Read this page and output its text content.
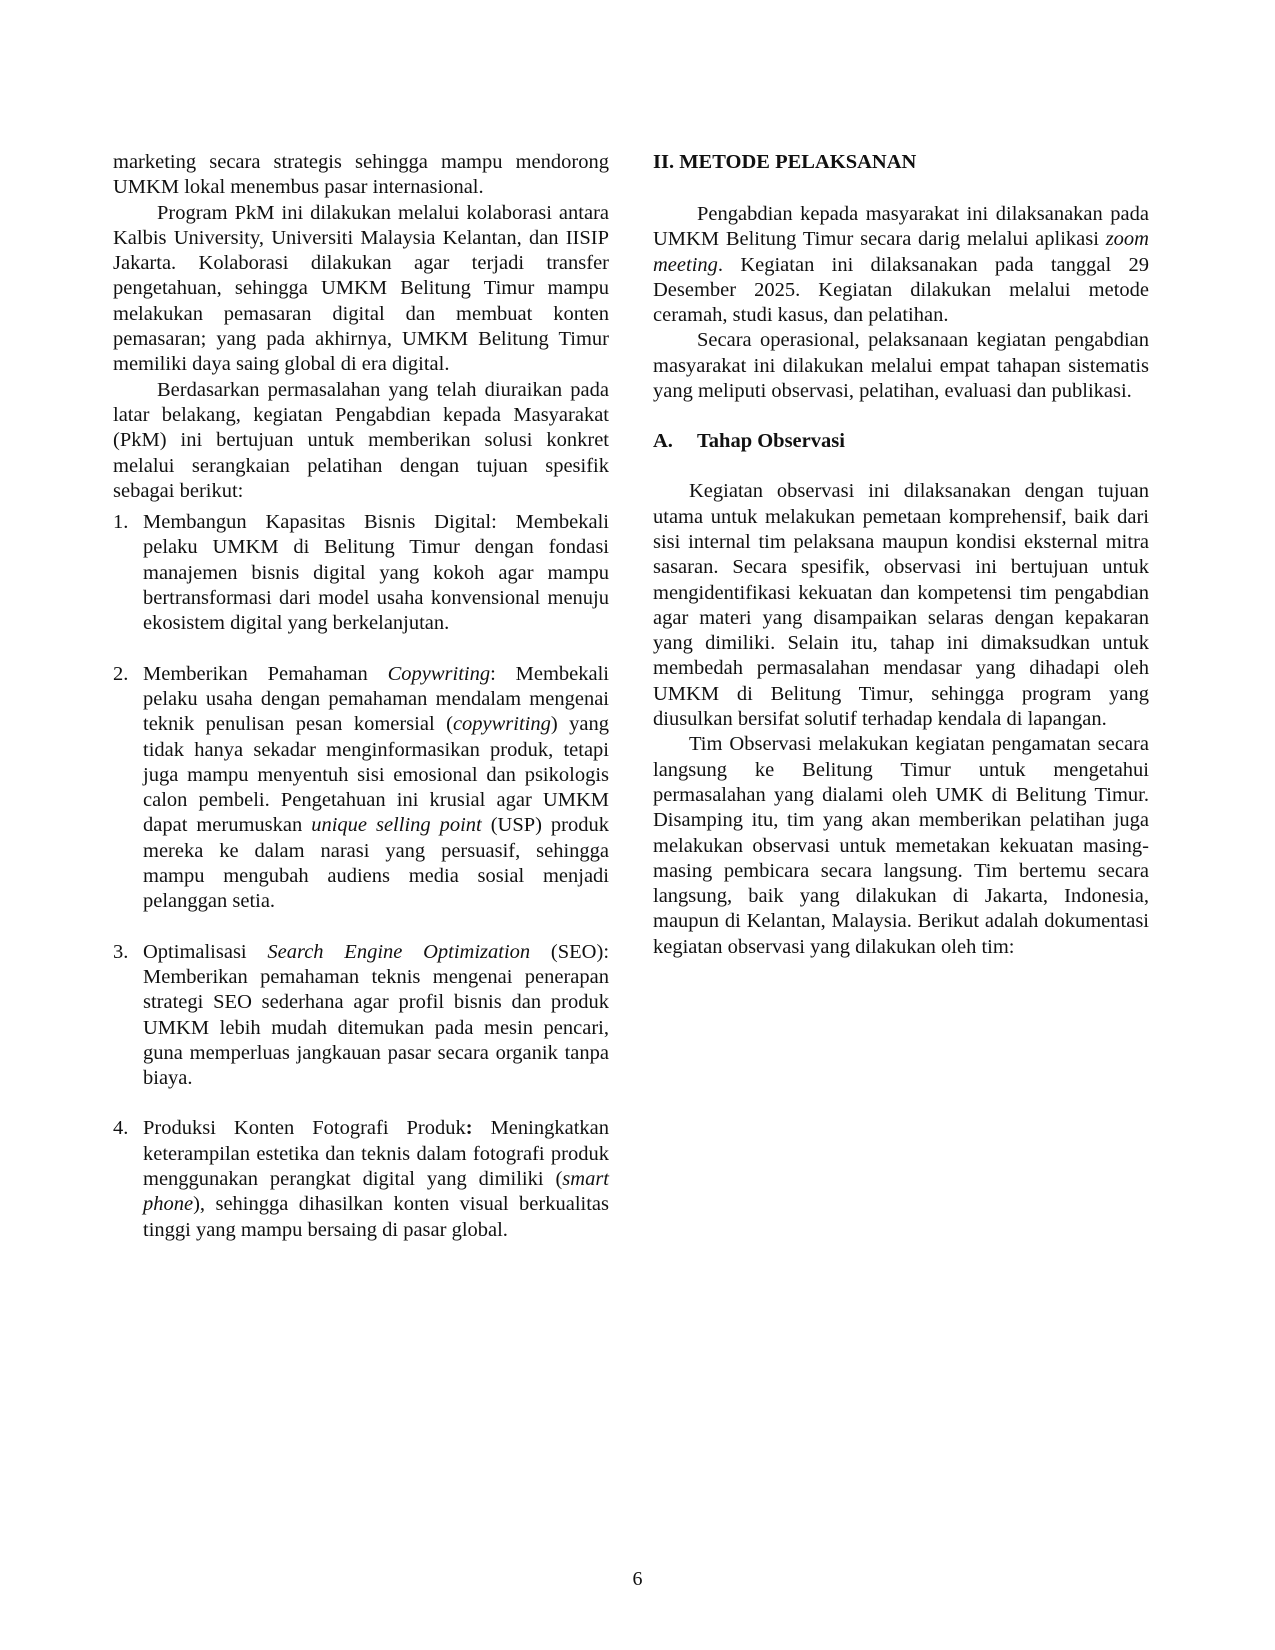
marketing secara strategis sehingga mampu mendorong UMKM lokal menembus pasar internasional.

Program PkM ini dilakukan melalui kolaborasi antara Kalbis University, Universiti Malaysia Kelantan, dan IISIP Jakarta. Kolaborasi dilakukan agar terjadi transfer pengetahuan, sehingga UMKM Belitung Timur mampu melakukan pemasaran digital dan membuat konten pemasaran; yang pada akhirnya, UMKM Belitung Timur memiliki daya saing global di era digital.

Berdasarkan permasalahan yang telah diuraikan pada latar belakang, kegiatan Pengabdian kepada Masyarakat (PkM) ini bertujuan untuk memberikan solusi konkret melalui serangkaian pelatihan dengan tujuan spesifik sebagai berikut:

1. Membangun Kapasitas Bisnis Digital: Membekali pelaku UMKM di Belitung Timur dengan fondasi manajemen bisnis digital yang kokoh agar mampu bertransformasi dari model usaha konvensional menuju ekosistem digital yang berkelanjutan.
2. Memberikan Pemahaman Copywriting: Membekali pelaku usaha dengan pemahaman mendalam mengenai teknik penulisan pesan komersial (copywriting) yang tidak hanya sekadar menginformasikan produk, tetapi juga mampu menyentuh sisi emosional dan psikologis calon pembeli. Pengetahuan ini krusial agar UMKM dapat merumuskan unique selling point (USP) produk mereka ke dalam narasi yang persuasif, sehingga mampu mengubah audiens media sosial menjadi pelanggan setia.
3. Optimalisasi Search Engine Optimization (SEO): Memberikan pemahaman teknis mengenai penerapan strategi SEO sederhana agar profil bisnis dan produk UMKM lebih mudah ditemukan pada mesin pencari, guna memperluas jangkauan pasar secara organik tanpa biaya.
4. Produksi Konten Fotografi Produk: Meningkatkan keterampilan estetika dan teknis dalam fotografi produk menggunakan perangkat digital yang dimiliki (smart phone), sehingga dihasilkan konten visual berkualitas tinggi yang mampu bersaing di pasar global.
II. METODE PELAKSANAN

Pengabdian kepada masyarakat ini dilaksanakan pada UMKM Belitung Timur secara darig melalui aplikasi zoom meeting. Kegiatan ini dilaksanakan pada tanggal 29 Desember 2025. Kegiatan dilakukan melalui metode ceramah, studi kasus, dan pelatihan.

Secara operasional, pelaksanaan kegiatan pengabdian masyarakat ini dilakukan melalui empat tahapan sistematis yang meliputi observasi, pelatihan, evaluasi dan publikasi.

A.	Tahap Observasi

Kegiatan observasi ini dilaksanakan dengan tujuan utama untuk melakukan pemetaan komprehensif, baik dari sisi internal tim pelaksana maupun kondisi eksternal mitra sasaran. Secara spesifik, observasi ini bertujuan untuk mengidentifikasi kekuatan dan kompetensi tim pengabdian agar materi yang disampaikan selaras dengan kepakaran yang dimiliki. Selain itu, tahap ini dimaksudkan untuk membedah permasalahan mendasar yang dihadapi oleh UMKM di Belitung Timur, sehingga program yang diusulkan bersifat solutif terhadap kendala di lapangan.

Tim Observasi melakukan kegiatan pengamatan secara langsung ke Belitung Timur untuk mengetahui permasalahan yang dialami oleh UMK di Belitung Timur. Disamping itu, tim yang akan memberikan pelatihan juga melakukan observasi untuk memetakan kekuatan masing- masing pembicara secara langsung. Tim bertemu secara langsung, baik yang dilakukan di Jakarta, Indonesia, maupun di Kelantan, Malaysia. Berikut adalah dokumentasi kegiatan observasi yang dilakukan oleh tim:

6
